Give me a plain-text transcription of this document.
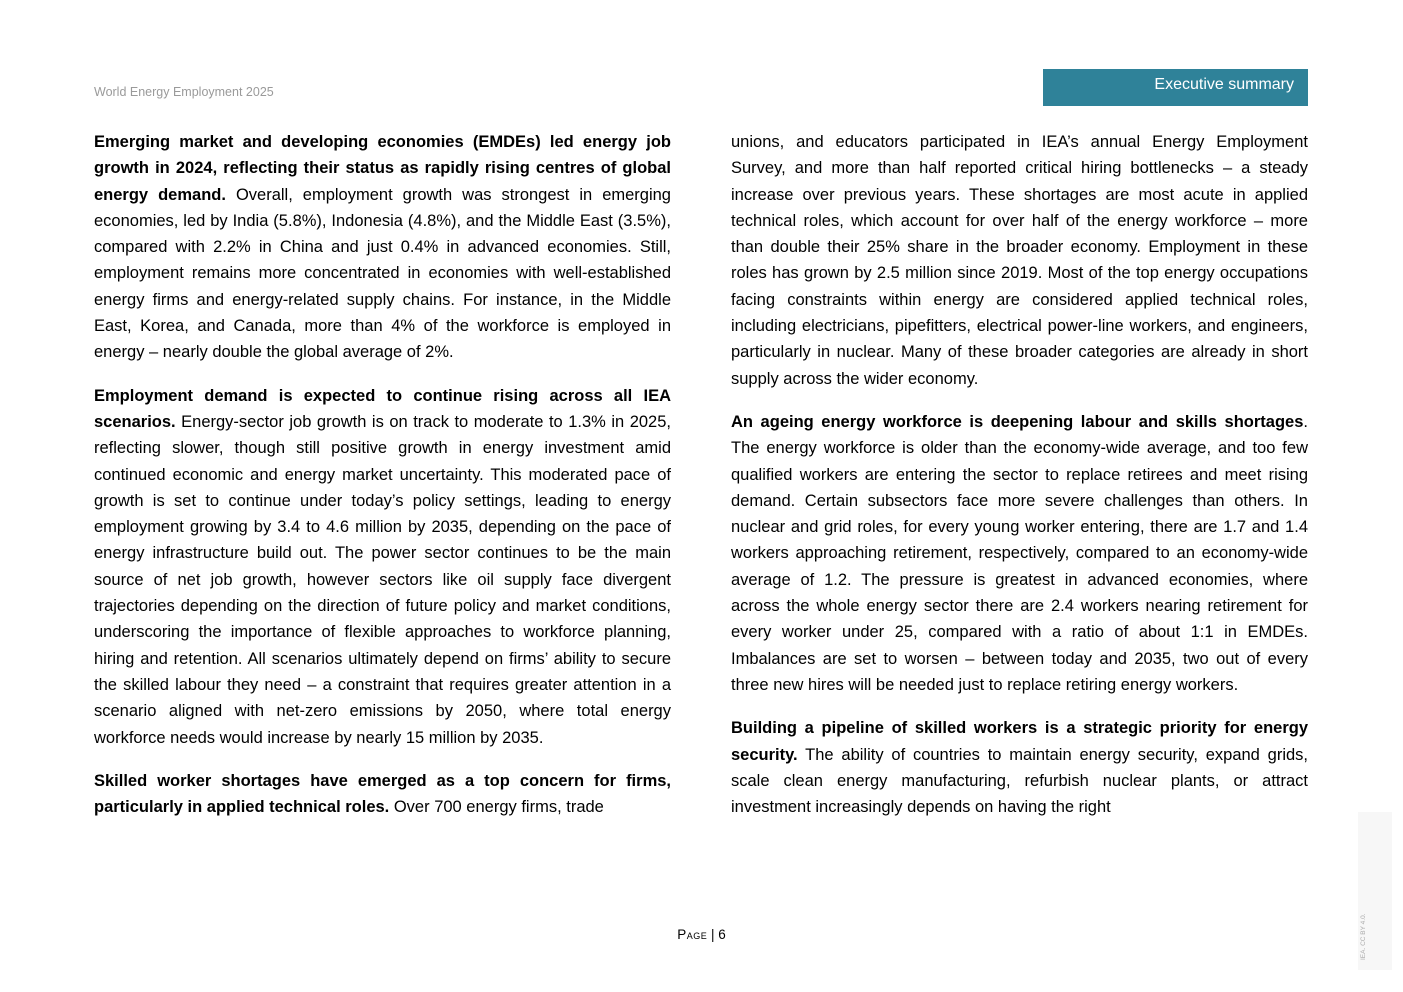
World Energy Employment 2025	Executive summary

Emerging market and developing economies (EMDEs) led energy job growth in 2024, reflecting their status as rapidly rising centres of global energy demand. Overall, employment growth was strongest in emerging economies, led by India (5.8%), Indonesia (4.8%), and the Middle East (3.5%), compared with 2.2% in China and just 0.4% in advanced economies. Still, employment remains more concentrated in economies with well-established energy firms and energy-related supply chains. For instance, in the Middle East, Korea, and Canada, more than 4% of the workforce is employed in energy – nearly double the global average of 2%.

Employment demand is expected to continue rising across all IEA scenarios. Energy-sector job growth is on track to moderate to 1.3% in 2025, reflecting slower, though still positive growth in energy investment amid continued economic and energy market uncertainty. This moderated pace of growth is set to continue under today’s policy settings, leading to energy employment growing by 3.4 to 4.6 million by 2035, depending on the pace of energy infrastructure build out. The power sector continues to be the main source of net job growth, however sectors like oil supply face divergent trajectories depending on the direction of future policy and market conditions, underscoring the importance of flexible approaches to workforce planning, hiring and retention. All scenarios ultimately depend on firms’ ability to secure the skilled labour they need – a constraint that requires greater attention in a scenario aligned with net-zero emissions by 2050, where total energy workforce needs would increase by nearly 15 million by 2035.

Skilled worker shortages have emerged as a top concern for firms, particularly in applied technical roles. Over 700 energy firms, trade

unions, and educators participated in IEA’s annual Energy Employment Survey, and more than half reported critical hiring bottlenecks – a steady increase over previous years. These shortages are most acute in applied technical roles, which account for over half of the energy workforce – more than double their 25% share in the broader economy. Employment in these roles has grown by 2.5 million since 2019. Most of the top energy occupations facing constraints within energy are considered applied technical roles, including electricians, pipefitters, electrical power-line workers, and engineers, particularly in nuclear. Many of these broader categories are already in short supply across the wider economy.

An ageing energy workforce is deepening labour and skills shortages. The energy workforce is older than the economy-wide average, and too few qualified workers are entering the sector to replace retirees and meet rising demand. Certain subsectors face more severe challenges than others. In nuclear and grid roles, for every young worker entering, there are 1.7 and 1.4 workers approaching retirement, respectively, compared to an economy-wide average of 1.2. The pressure is greatest in advanced economies, where across the whole energy sector there are 2.4 workers nearing retirement for every worker under 25, compared with a ratio of about 1:1 in EMDEs. Imbalances are set to worsen – between today and 2035, two out of every three new hires will be needed just to replace retiring energy workers.

Building a pipeline of skilled workers is a strategic priority for energy security. The ability of countries to maintain energy security, expand grids, scale clean energy manufacturing, refurbish nuclear plants, or attract investment increasingly depends on having the right

Page | 6	IEA. CC BY 4.0.
